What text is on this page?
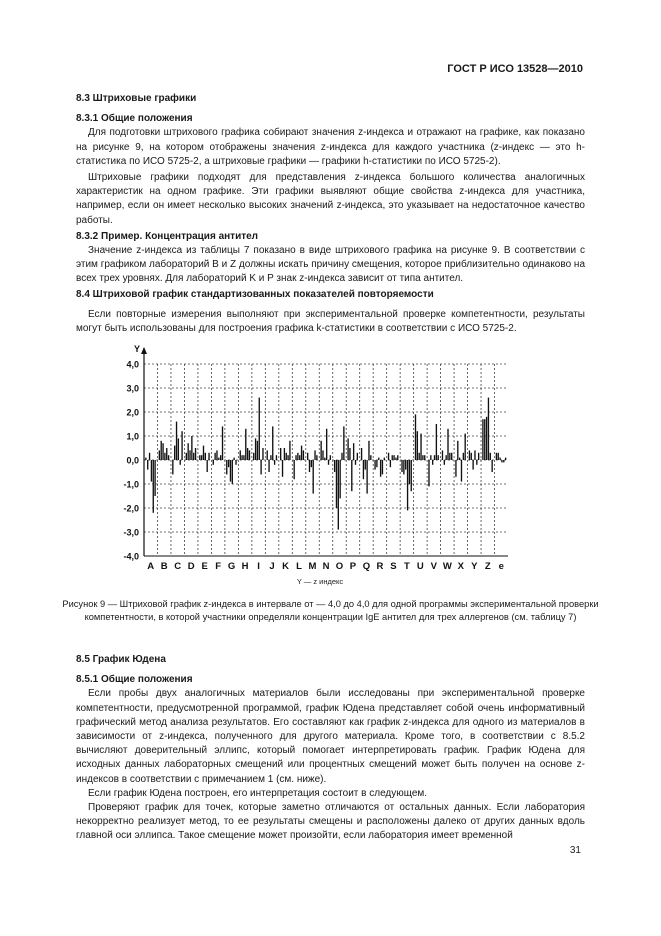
ГОСТ Р ИСО 13528—2010
8.3 Штриховые графики
8.3.1 Общие положения
Для подготовки штрихового графика собирают значения z-индекса и отражают на графике, как показано на рисунке 9, на котором отображены значения z-индекса для каждого участника (z-индекс — это h-статистика по ИСО 5725-2, а штриховые графики — графики h-статистики по ИСО 5725-2).
Штриховые графики подходят для представления z-индекса большого количества аналогичных характеристик на одном графике. Эти графики выявляют общие свойства z-индекса для участника, например, если он имеет несколько высоких значений z-индекса, это указывает на недостаточное качество работы.
8.3.2 Пример. Концентрация антител
Значение z-индекса из таблицы 7 показано в виде штрихового графика на рисунке 9. В соответствии с этим графиком лабораторий B и Z должны искать причину смещения, которое приблизительно одинаково на всех трех уровнях. Для лабораторий K и P знак z-индекса зависит от типа антител.
8.4 Штриховой график стандартизованных показателей повторяемости
Если повторные измерения выполняют при экспериментальной проверке компетентности, результаты могут быть использованы для построения графика k-статистики в соответствии с ИСО 5725-2.
4,0
3,0
2,0
1,0
0,0
-1,0
-2,0
-3,0
-4,0
Y
A B C D E F G H I J K L M N O P Q R S T U V W X Y Z e
Y — z индекс
Рисунок 9 — Штриховой график z-индекса в интервале от — 4,0 до 4,0 для одной программы экспериментальной проверки компетентности, в которой участники определяли концентрации IgE антител для трех аллергенов (см. таблицу 7)
8.5 График Юдена
8.5.1 Общие положения
Если пробы двух аналогичных материалов были исследованы при экспериментальной проверке компетентности, предусмотренной программой, график Юдена представляет собой очень информативный графический метод анализа результатов. Его составляют как график z-индекса для одного из материалов в зависимости от z-индекса, полученного для другого материала. Кроме того, в соответствии с 8.5.2 вычисляют доверительный эллипс, который помогает интерпретировать график. График Юдена для исходных данных лабораторных смещений или процентных смещений может быть получен на основе z-индексов в соответствии с примечанием 1 (см. ниже).
Если график Юдена построен, его интерпретация состоит в следующем.
Проверяют график для точек, которые заметно отличаются от остальных данных. Если лаборатория некорректно реализует метод, то ее результаты смещены и расположены далеко от других данных вдоль главной оси эллипса. Такое смещение может произойти, если лаборатория имеет временной
31
